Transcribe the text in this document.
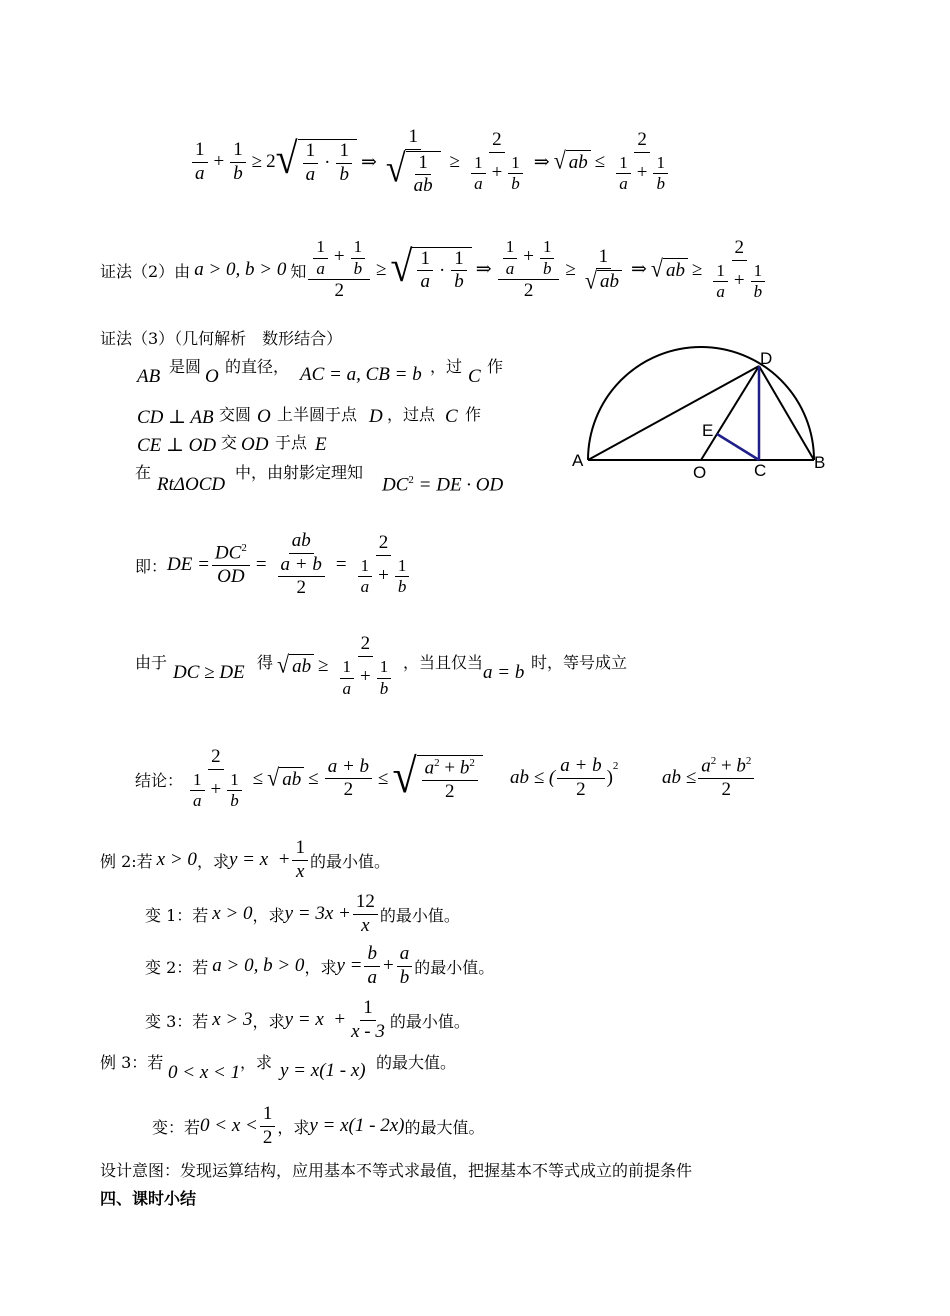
$\frac{1}{a} + \frac{1}{b} \ge 2$ √ $\frac{1}{a} \cdot \frac{1}{b}$ ⇒ $\frac{1}{√ \frac{1}{ab}} \ge \frac{2}{\frac{1}{a} + \frac{1}{b}}$ ⇒ √ ab ≤ $\frac{2}{\frac{1}{a} + \frac{1}{b}}$
证法（2）由 a > 0, b > 0 知 $\frac{\frac{1}{a} + \frac{1}{b}}{2}$ ≥ √ $\frac{1}{a} \cdot \frac{1}{b}$ ⇒ $\frac{\frac{1}{a} + \frac{1}{b}}{2} \ge \frac{1}{√ ab}$ ⇒ √ ab ≥ $\frac{2}{\frac{1}{a} + \frac{1}{b}}$
证法（3）（几何解析　数形结合）
AB 是圆 O 的直径， AC = a, CB = b ，过 C 作
CD ⊥ AB 交圆 O 上半圆于点 D ，过点 C 作
CE ⊥ OD 交 OD 于点 E
在
RtΔOCD
中，由射影定理知
$DC^2$ = DE · OD
A	B
O	C
D
E
即： DE = $\frac{DC^2}{OD} = \frac{ab}{\frac{a + b}{2}} = \frac{2}{\frac{1}{a} + \frac{1}{b}}$
由于 DC ≥ DE 得 √ ab ≥ $\frac{2}{\frac{1}{a} + \frac{1}{b}}$ ，当且仅当 a = b 时，等号成立
结论： $\frac{2}{\frac{1}{a} + \frac{1}{b}}$ ≤ √ ab ≤ $\frac{a + b}{2}$ ≤ √ $\frac{a^2 + b^2}{2}$ ab ≤ ( $\frac{a + b}{2}$ )
$^2$
ab ≤ $\frac{a^2 + b^2}{2}$
例 2:若 x > 0 ，求 $y = x + \frac{1}{x}$ 的最小值。
变 1：若 x > 0 ，求 $y = 3x + \frac{12}{x}$ 的最小值。
变 2：若 a > 0, b > 0 ，求 $y = \frac{b}{a} + \frac{a}{b}$ 的最小值。
变 3：若 x > 3 ，求 $y = x + \frac{1}{x - 3}$ 的最小值。
例 3：若 0 < x < 1 ，求 y = x(1 - x) 的最大值。
变：若 $0 < x < \frac{1}{2}$ ，求 y = x(1 - 2x) 的最大值。
设计意图：发现运算结构，应用基本不等式求最值，把握基本不等式成立的前提条件
四、课时小结
